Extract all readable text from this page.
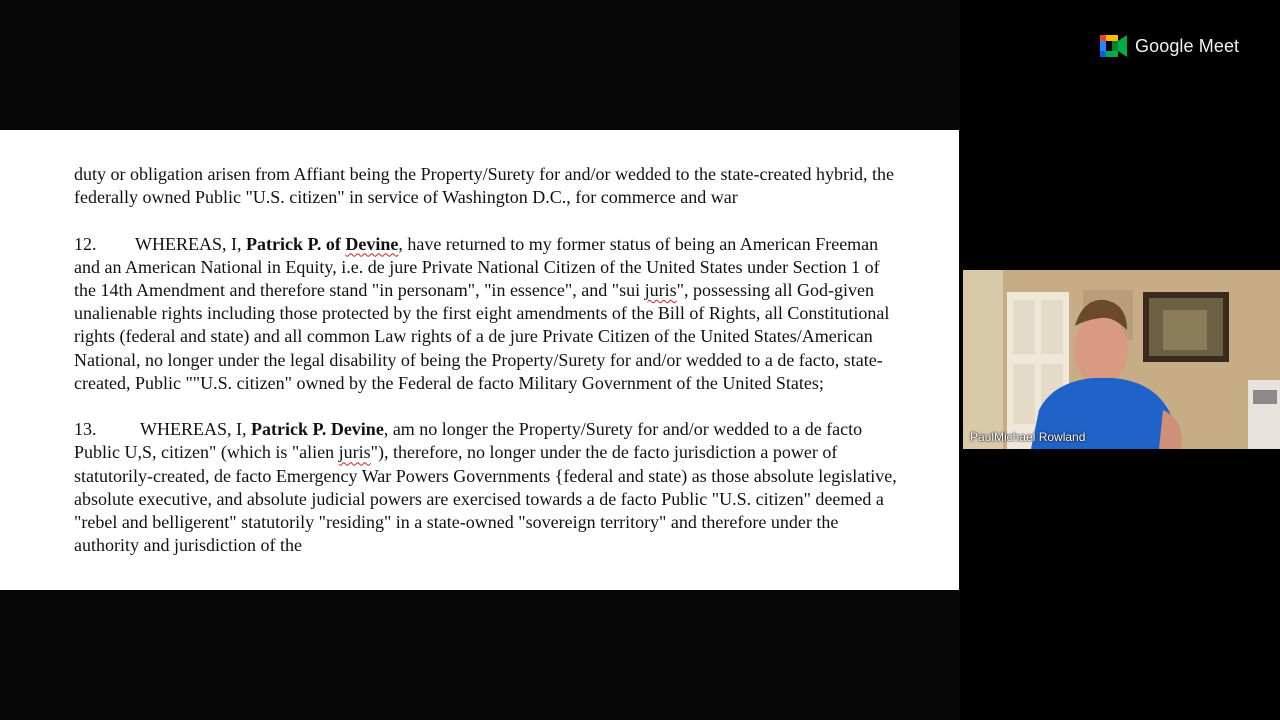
duty or obligation arisen from Affiant being the Property/Surety for and/or wedded to the state-created hybrid, the federally owned Public "U.S. citizen" in service of Washington D.C., for commerce and war

12. WHEREAS, I, Patrick P. of Devine, have returned to my former status of being an American Freeman and an American National in Equity, i.e. de jure Private National Citizen of the United States under Section 1 of the 14th Amendment and therefore stand "in personam", "in essence", and "sui juris", possessing all God-given unalienable rights including those protected by the first eight amendments of the Bill of Rights, all Constitutional rights (federal and state) and all common Law rights of a de jure Private Citizen of the United States/American National, no longer under the legal disability of being the Property/Surety for and/or wedded to a de facto, state-created, Public ""U.S. citizen" owned by the Federal de facto Military Government of the United States;

13. WHEREAS, I, Patrick P. Devine, am no longer the Property/Surety for and/or wedded to a de facto Public U,S, citizen" (which is "alien juris"), therefore, no longer under the de facto jurisdiction a power of statutorily-created, de facto Emergency War Powers Governments {federal and state) as those absolute legislative, absolute executive, and absolute judicial powers are exercised towards a de facto Public "U.S. citizen" deemed a "rebel and belligerent" statutorily "residing" in a state-owned "sovereign territory" and therefore under the authority and jurisdiction of the

Google Meet
PaulMichael Rowland
